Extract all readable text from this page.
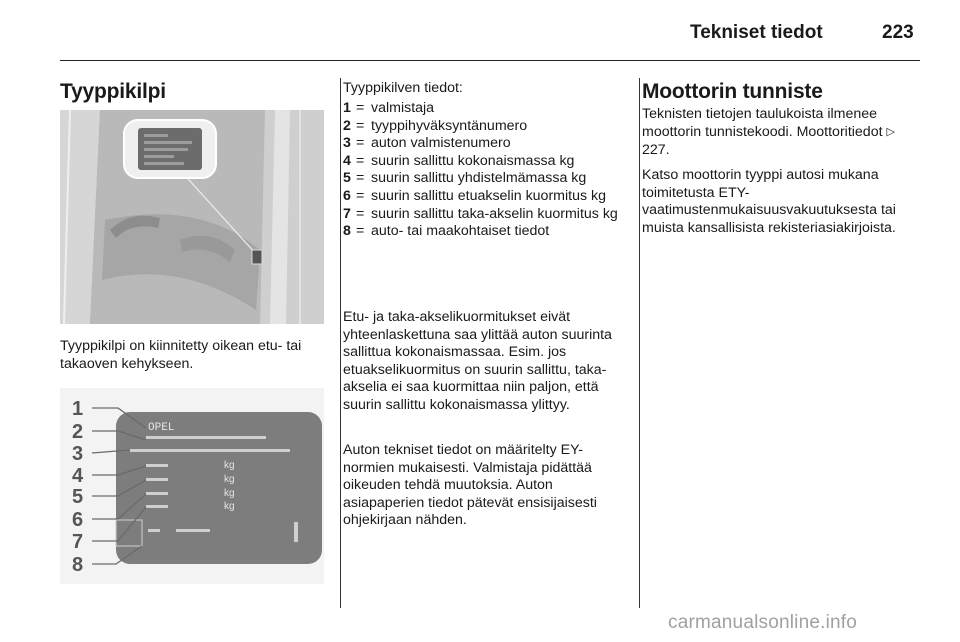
Tekniset tiedot	223
Tyyppikilpi

Tyyppikilpi on kiinnitetty oikean etu- tai takaoven kehykseen.

OPEL
kg
kg
kg
kg
1
2
3
4
5
6
7
8

Tyyppikilven tiedot:

1 = valmistaja
2 = tyyppihyväksyntänumero
3 = auton valmistenumero
4 = suurin sallittu kokonaismassa kg
5 = suurin sallittu yhdistelmämassa kg
6 = suurin sallittu etuakselin kuormitus kg
7 = suurin sallittu taka-akselin kuormitus kg
8 = auto- tai maakohtaiset tiedot

Etu- ja taka-akselikuormitukset eivät yhteenlaskettuna saa ylittää auton suurinta sallittua kokonaismassaa. Esim. jos etuakselikuormitus on suurin sallittu, taka-akselia ei saa kuormittaa niin paljon, että suurin sallittu kokonaismassa ylittyy.

Auton tekniset tiedot on määritelty EY-normien mukaisesti. Valmistaja pidättää oikeuden tehdä muutoksia. Auton asiapaperien tiedot pätevät ensisijaisesti ohjekirjaan nähden.

Moottorin tunniste

Teknisten tietojen taulukoista ilmenee moottorin tunnistekoodi. Moottoritiedot ▷ 227.

Katso moottorin tyyppi autosi mukana toimitetusta ETY-vaatimustenmukaisuusvakuutuksesta tai muista kansallisista rekisteriasiakirjoista.

carmanualsonline.info
